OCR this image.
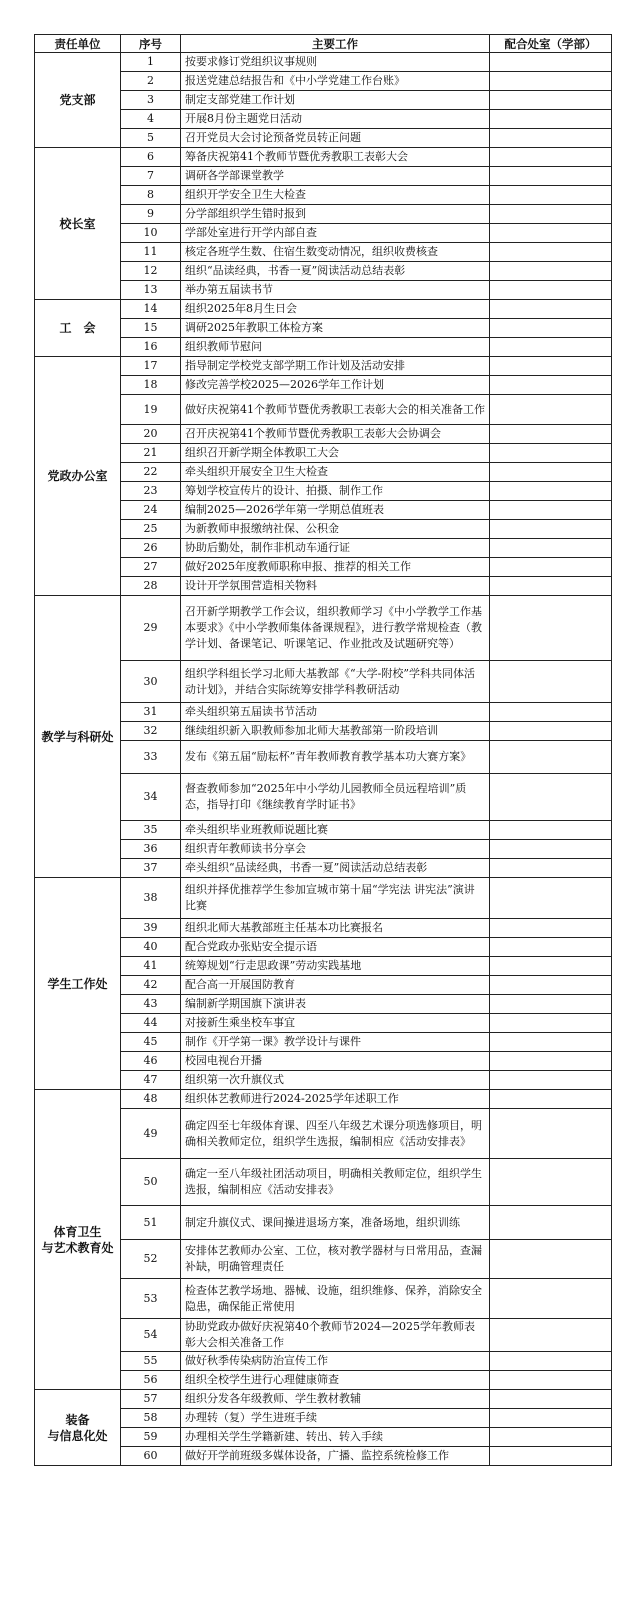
责任单位	序号	主要工作	配合处室（学部）
党支部	1	按要求修订党组织议事规则	
	2	报送党建总结报告和《中小学党建工作台账》	
	3	制定支部党建工作计划	
	4	开展8月份主题党日活动	
	5	召开党员大会讨论预备党员转正问题	
校长室	6	筹备庆祝第41个教师节暨优秀教职工表彰大会	
	7	调研各学部课堂教学	
	8	组织开学安全卫生大检查	
	9	分学部组织学生错时报到	
	10	学部处室进行开学内部自查	
	11	核定各班学生数、住宿生数变动情况，组织收费核查	
	12	组织“品读经典，书香一夏”阅读活动总结表彰	
	13	举办第五届读书节	
工　会	14	组织2025年8月生日会	
	15	调研2025年教职工体检方案	
	16	组织教师节慰问	
党政办公室	17	指导制定学校党支部学期工作计划及活动安排	
	18	修改完善学校2025—2026学年工作计划	
	19	做好庆祝第41个教师节暨优秀教职工表彰大会的相关准备工作	
	20	召开庆祝第41个教师节暨优秀教职工表彰大会协调会	
	21	组织召开新学期全体教职工大会	
	22	牵头组织开展安全卫生大检查	
	23	筹划学校宣传片的设计、拍摄、制作工作	
	24	编制2025—2026学年第一学期总值班表	
	25	为新教师申报缴纳社保、公积金	
	26	协助后勤处，制作非机动车通行证	
	27	做好2025年度教师职称申报、推荐的相关工作	
	28	设计开学氛围营造相关物料	
教学与科研处	29	召开新学期教学工作会议，组织教师学习《中小学教学工作基本要求》《中小学教师集体备课规程》，进行教学常规检查（教学计划、备课笔记、听课笔记、作业批改及试题研究等）	
	30	组织学科组长学习北师大基教部《“大学-附校”学科共同体活动计划》，并结合实际统筹安排学科教研活动	
	31	牵头组织第五届读书节活动	
	32	继续组织新入职教师参加北师大基教部第一阶段培训	
	33	发布《第五届“励耘杯”青年教师教育教学基本功大赛方案》	
	34	督查教师参加“2025年中小学幼儿园教师全员远程培训”质态，指导打印《继续教育学时证书》	
	35	牵头组织毕业班教师说题比赛	
	36	组织青年教师读书分享会	
	37	牵头组织“品读经典，书香一夏”阅读活动总结表彰	
学生工作处	38	组织并择优推荐学生参加宣城市第十届“学宪法 讲宪法”演讲比赛	
	39	组织北师大基教部班主任基本功比赛报名	
	40	配合党政办张贴安全提示语	
	41	统筹规划“行走思政课”劳动实践基地	
	42	配合高一开展国防教育	
	43	编制新学期国旗下演讲表	
	44	对接新生乘坐校车事宜	
	45	制作《开学第一课》教学设计与课件	
	46	校园电视台开播	
	47	组织第一次升旗仪式	
体育卫生
与艺术教育处	48	组织体艺教师进行2024-2025学年述职工作	
	49	确定四至七年级体育课、四至八年级艺术课分项选修项目，明确相关教师定位，组织学生选报，编制相应《活动安排表》	
	50	确定一至八年级社团活动项目，明确相关教师定位，组织学生选报，编制相应《活动安排表》	
	51	制定升旗仪式、课间操进退场方案，准备场地，组织训练	
	52	安排体艺教师办公室、工位，核对教学器材与日常用品，查漏补缺，明确管理责任	
	53	检查体艺教学场地、器械、设施，组织维修、保养，消除安全隐患，确保能正常使用	
	54	协助党政办做好庆祝第40个教师节2024—2025学年教师表彰大会相关准备工作	
	55	做好秋季传染病防治宣传工作	
	56	组织全校学生进行心理健康筛查	
装备
与信息化处	57	组织分发各年级教师、学生教材教辅	
	58	办理转（复）学生进班手续	
	59	办理相关学生学籍新建、转出、转入手续	
	60	做好开学前班级多媒体设备，广播、监控系统检修工作	
